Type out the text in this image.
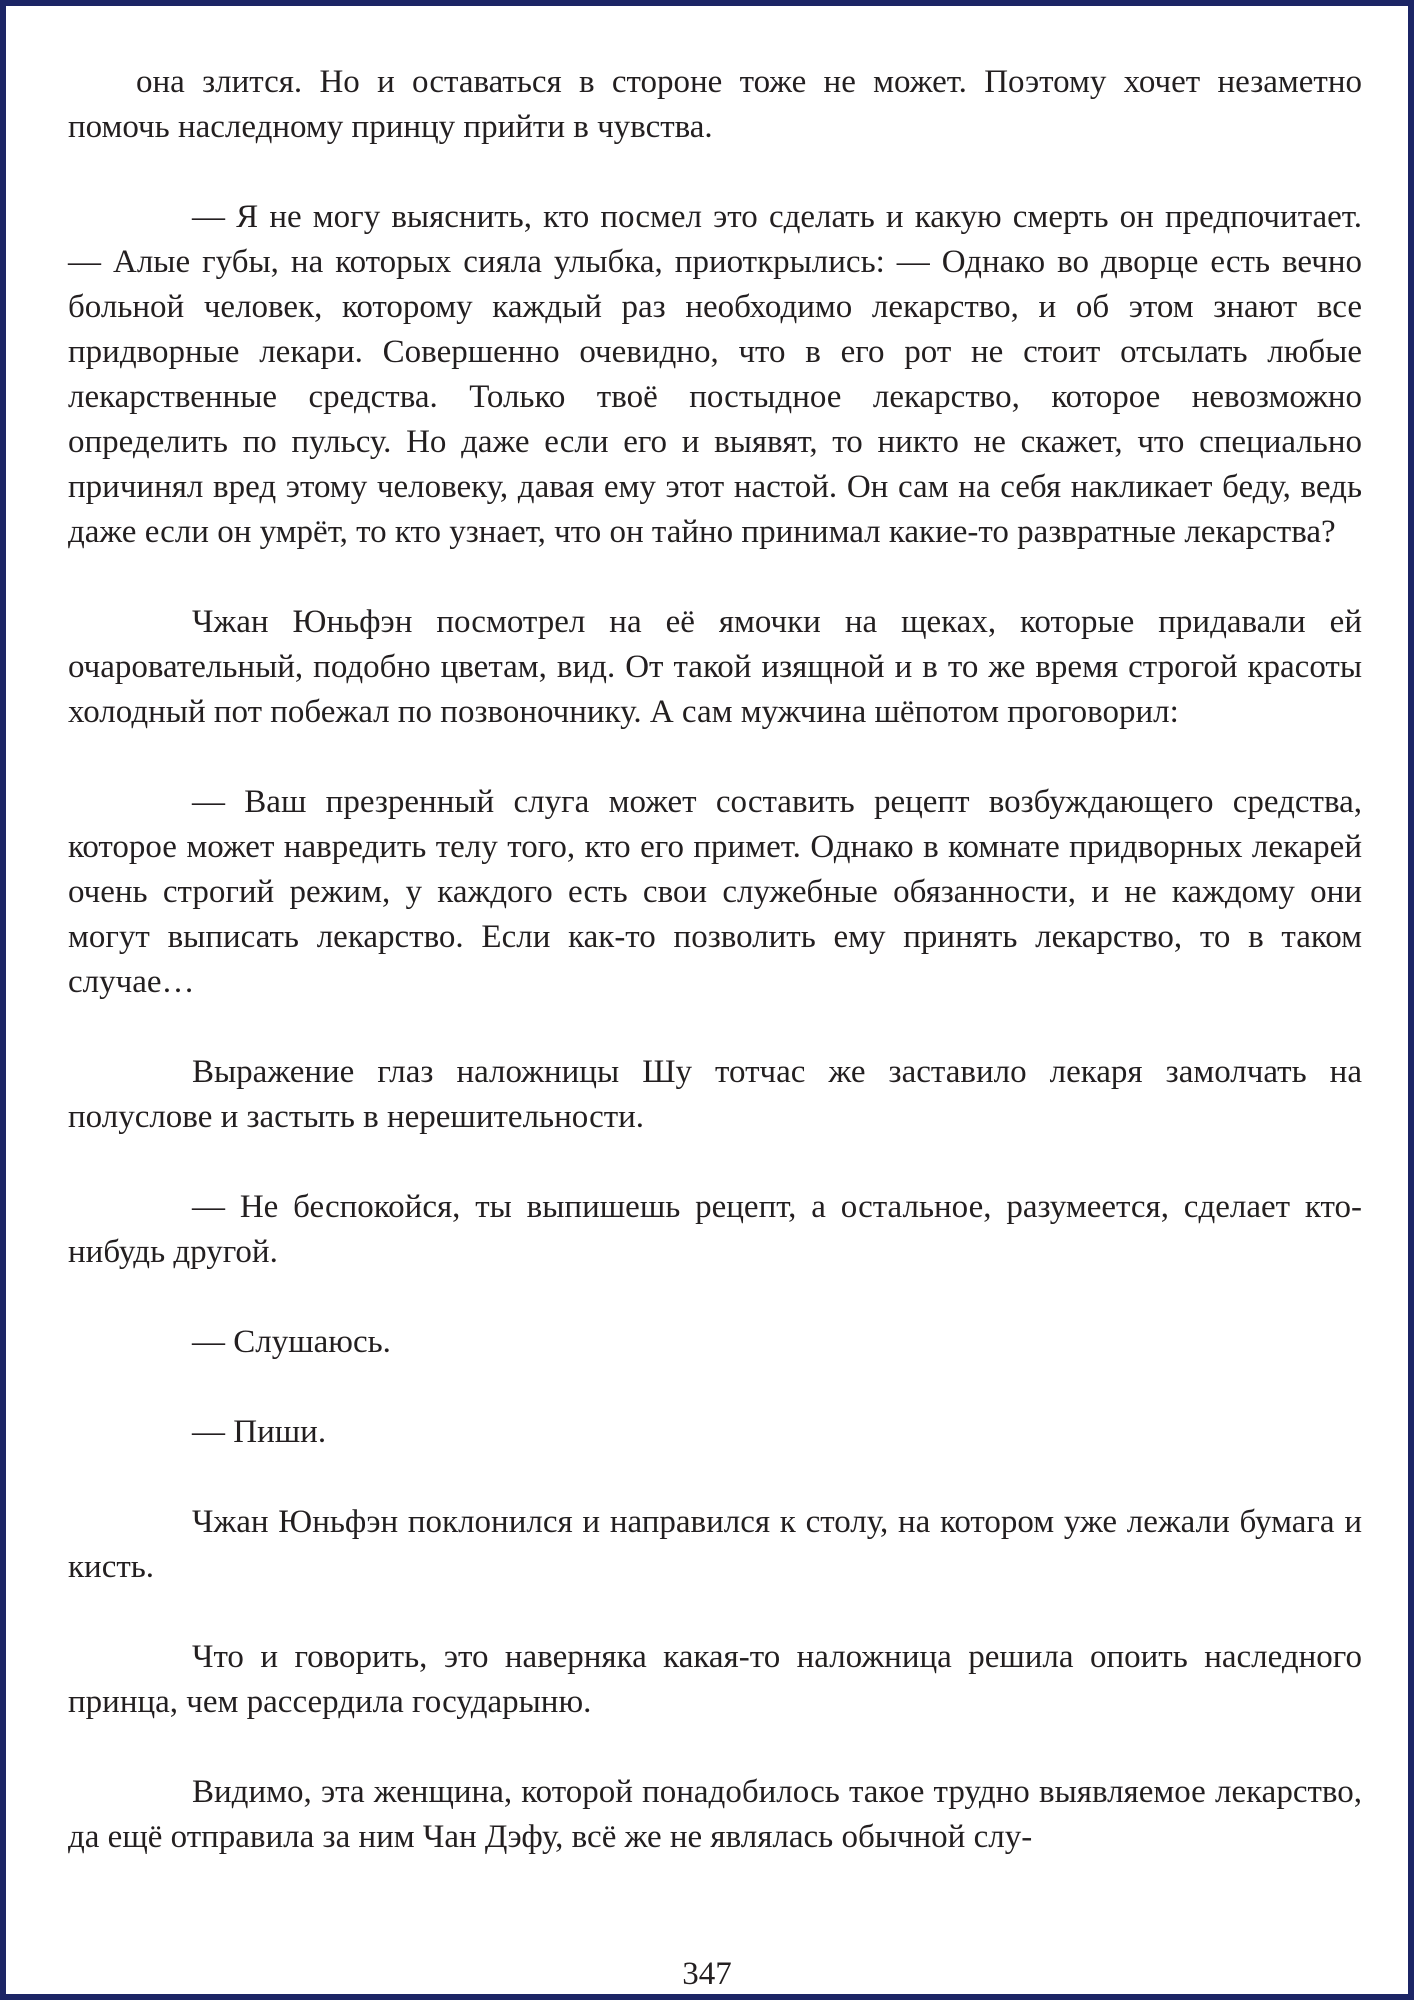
она злится. Но и оставаться в стороне тоже не может. Поэтому хочет незаметно помочь наследному принцу прийти в чувства.

— Я не могу выяснить, кто посмел это сделать и какую смерть он предпочитает. — Алые губы, на которых сияла улыбка, приоткрылись: — Однако во дворце есть вечно больной человек, которому каждый раз необходимо лекарство, и об этом знают все придворные лекари. Совершенно очевидно, что в его рот не стоит отсылать любые лекарственные средства. Только твоё постыдное лекарство, которое невозможно определить по пульсу. Но даже если его и выявят, то никто не скажет, что специально причинял вред этому человеку, давая ему этот настой. Он сам на себя накликает беду, ведь даже если он умрёт, то кто узнает, что он тайно принимал какие-то развратные лекарства?

Чжан Юньфэн посмотрел на её ямочки на щеках, которые придавали ей очаровательный, подобно цветам, вид. От такой изящной и в то же время строгой красоты холодный пот побежал по позвоночнику. А сам мужчина шёпотом проговорил:

— Ваш презренный слуга может составить рецепт возбуждающего средства, которое может навредить телу того, кто его примет. Однако в комнате придворных лекарей очень строгий режим, у каждого есть свои служебные обязанности, и не каждому они могут выписать лекарство. Если как-то позволить ему принять лекарство, то в таком случае…

Выражение глаз наложницы Шу тотчас же заставило лекаря замолчать на полуслове и застыть в нерешительности.

— Не беспокойся, ты выпишешь рецепт, а остальное, разумеется, сделает кто-нибудь другой.

— Слушаюсь.

— Пиши.

Чжан Юньфэн поклонился и направился к столу, на котором уже лежали бумага и кисть.

Что и говорить, это наверняка какая-то наложница решила опоить наследного принца, чем рассердила государыню.

Видимо, эта женщина, которой понадобилось такое трудно выявляемое лекарство, да ещё отправила за ним Чан Дэфу, всё же не являлась обычной слу-

347
